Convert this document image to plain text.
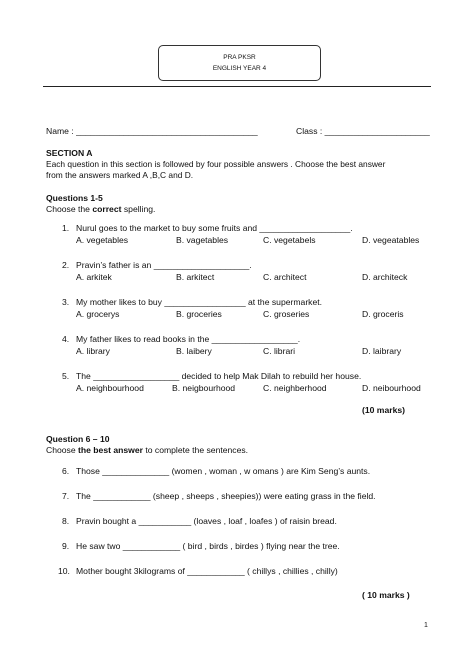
PRA PKSR
ENGLISH YEAR 4
Name : ______________________________________	Class : ______________________
SECTION A
Each question in this section is followed by four possible answers . Choose the best answer
from the answers marked A ,B,C and D.
Questions 1-5
Choose the correct spelling.
1. Nurul goes to the market to buy some fruits and ___________________.
A. vegetables	B. vagetables	C. vegetabels	D. vegeatables
2. Pravin’s father is an ____________________.
A. arkitek	B. arkitect	C. architect	D. architeck
3. My mother likes to buy _________________ at the supermarket.
A. grocerys	B. groceries	C. groseries	D. groceris
4. My father likes to read books in the __________________.
A. library	B. laibery	C. librari	D. laibrary
5. The __________________ decided to help Mak Dilah to rebuild her house.
A. neighbourhood	B. neigbourhood	C. neighberhood	D. neibourhood
(10 marks)
Question 6 – 10
Choose the best answer to complete the sentences.
6. Those ______________ (women , woman , w omans ) are Kim Seng’s aunts.
7. The ____________ (sheep , sheeps , sheepies)) were eating grass in the field.
8. Pravin bought a ___________ (loaves , loaf , loafes ) of raisin bread.
9. He saw two ____________ ( bird , birds , birdes ) flying near the tree.
10. Mother bought 3kilograms of ____________ ( chillys , chillies , chilly)
( 10 marks )
1
